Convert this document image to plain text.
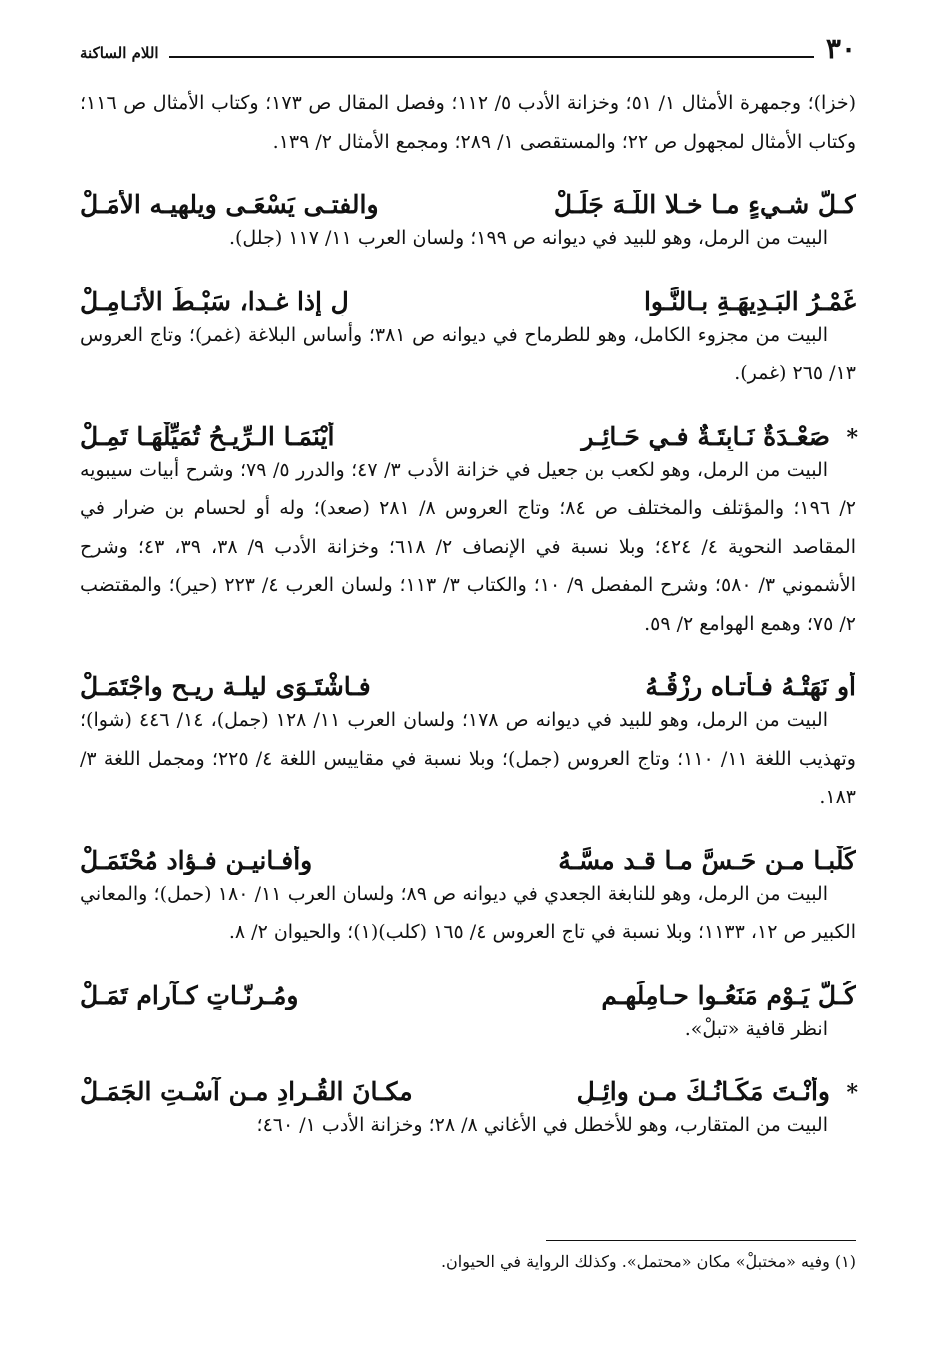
٣٠
اللام الساكنة

(خزا)؛ وجمهرة الأمثال ١/ ٥١؛ وخزانة الأدب ٥/ ١١٢؛ وفصل المقال ص ١٧٣؛ وكتاب الأمثال ص ١١٦؛ وكتاب الأمثال لمجهول ص ٢٢؛ والمستقصى ١/ ٢٨٩؛ ومجمع الأمثال ٢/ ١٣٩.

كـلُّ شـيءٍ مـا خـلا اللّـهَ جَلَـلْ
والفتـى يَسْعَـى ويلهيـه الأمَـلْ

البيت من الرمل، وهو للبيد في ديوانه ص ١٩٩؛ ولسان العرب ١١/ ١١٧ (جلل).

غَمْـرُ البَـدِيهَـةِ بـالنَّـوا
لِ إذا غـدا، سَبْـطُ الأنَـامِـلْ

البيت من مجزوء الكامل، وهو للطرماح في ديوانه ص ٣٨١؛ وأساس البلاغة (غمر)؛ وتاج العروس ١٣/ ٢٦٥ (غمر).

*
صَعْـدَةٌ نَـابِتَـةٌ فـي حَـائِـرٍ
أيْنَمَـا الـرِّيـحُ تُمَيِّلْهَـا تَمِـلْ

البيت من الرمل، وهو لكعب بن جعيل في خزانة الأدب ٣/ ٤٧؛ والدرر ٥/ ٧٩؛ وشرح أبيات سيبويه ٢/ ١٩٦؛ والمؤتلف والمختلف ص ٨٤؛ وتاج العروس ٨/ ٢٨١ (صعد)؛ وله أو لحسام بن ضرار في المقاصد النحوية ٤/ ٤٢٤؛ وبلا نسبة في الإنصاف ٢/ ٦١٨؛ وخزانة الأدب ٩/ ٣٨، ٣٩، ٤٣؛ وشرح الأشموني ٣/ ٥٨٠؛ وشرح المفصل ٩/ ١٠؛ والكتاب ٣/ ١١٣؛ ولسان العرب ٤/ ٢٢٣ (حير)؛ والمقتضب ٢/ ٧٥؛ وهمع الهوامع ٢/ ٥٩.

أو نَهَتْـهُ فـأتـاه رِزْقُـهُ
فـاشْتَـوَى ليلـة ريـح واجْتَمَـلْ

البيت من الرمل، وهو للبيد في ديوانه ص ١٧٨؛ ولسان العرب ١١/ ١٢٨ (جمل)، ١٤/ ٤٤٦ (شوا)؛ وتهذيب اللغة ١١/ ١١٠؛ وتاج العروس (جمل)؛ وبلا نسبة في مقاييس اللغة ٤/ ٢٢٥؛ ومجمل اللغة ٣/ ١٨٣.

كَلْبـا مـن حَـسَّ مـا قـد مسَّـهُ
وأفـانيـن فـؤاد مُحْتَمَـلْ

البيت من الرمل، وهو للنابغة الجعدي في ديوانه ص ٨٩؛ ولسان العرب ١١/ ١٨٠ (حمل)؛ والمعاني الكبير ص ١٢، ١١٣٣؛ وبلا نسبة في تاج العروس ٤/ ١٦٥ (كلب)(١)؛ والحيوان ٢/ ٨.

كُـلَّ يَـوْمٍ مَنَعُـوا حـامِلَهـم
ومُـرِنّـاتٍ كـآرام تَمَـلْ

انظر قافية «تبلْ».

*
وأنْـتَ مَكَـانُـكَ مـن وائِـلٍ
مكـانَ القُـرادِ مـن آسْـتِ الجَمَـلْ

البيت من المتقارب، وهو للأخطل في الأغاني ٨/ ٢٨؛ وخزانة الأدب ١/ ٤٦٠؛

(١) وفيه «مختبلْ» مكان «محتمل». وكذلك الرواية في الحيوان.
